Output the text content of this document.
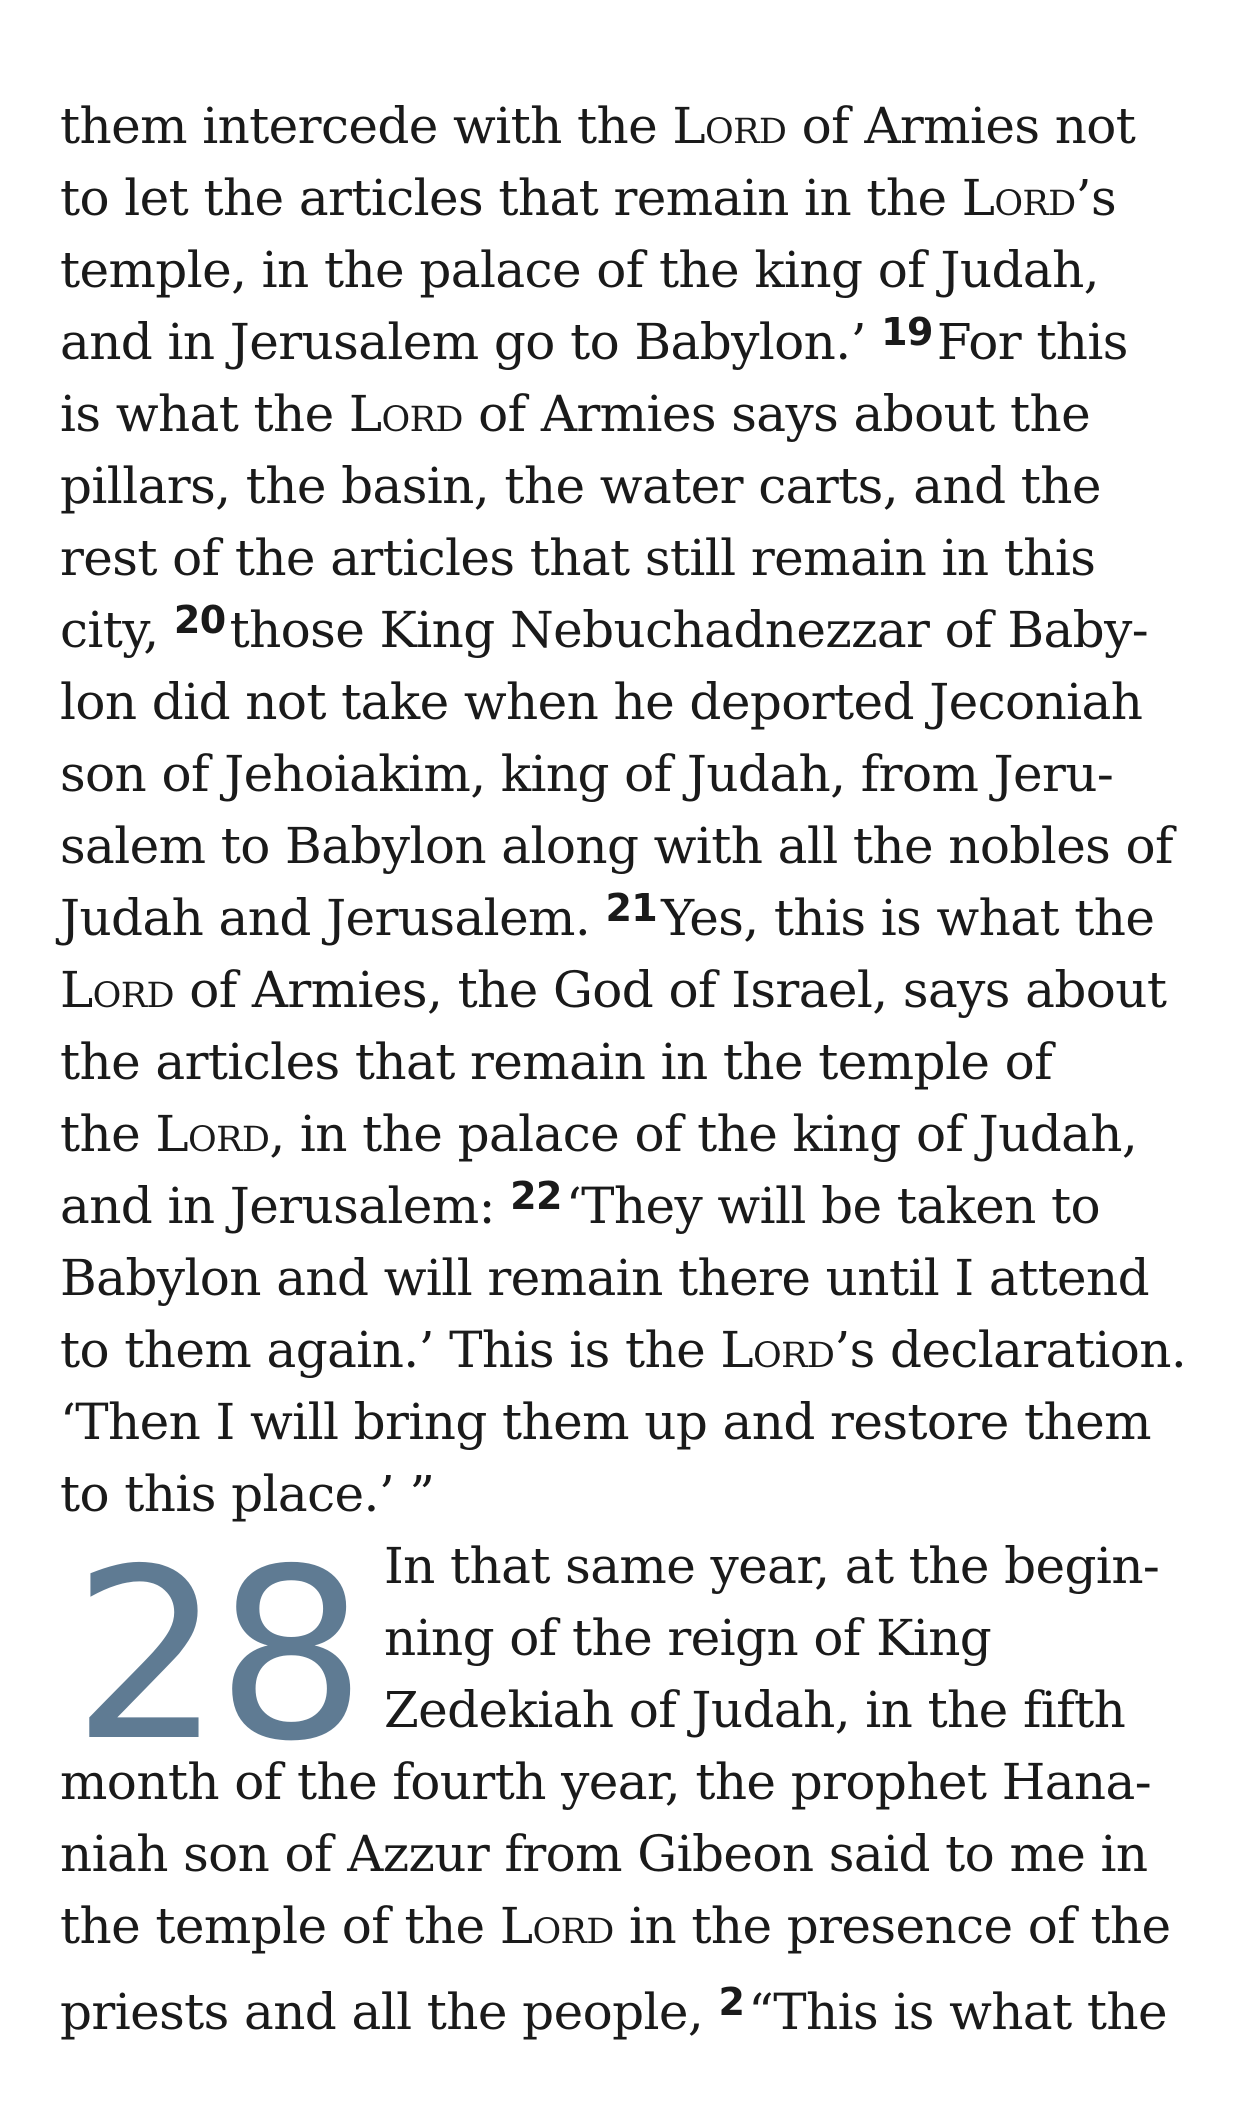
them intercede with the Lord of Armies not
to let the articles that remain in the Lord’s
temple, in the palace of the king of Judah,
and in Jerusalem go to Babylon.’ $^{19}$For this
is what the Lord of Armies says about the
pillars, the basin, the water carts, and the
rest of the articles that still remain in this
city, $^{20}$those King Nebuchadnezzar of Baby-
lon did not take when he deported Jeconiah
son of Jehoiakim, king of Judah, from Jeru-
salem to Babylon along with all the nobles of
Judah and Jerusalem. $^{21}$Yes, this is what the
Lord of Armies, the God of Israel, says about
the articles that remain in the temple of
the Lord, in the palace of the king of Judah,
and in Jerusalem: $^{22}$‘They will be taken to
Babylon and will remain there until I attend
to them again.’ This is the Lord’s declaration.
‘Then I will bring them up and restore them
to this place.’ ”
28 In that same year, at the begin-
ning of the reign of King
Zedekiah of Judah, in the fifth
month of the fourth year, the prophet Hana-
niah son of Azzur from Gibeon said to me in
the temple of the Lord in the presence of the
priests and all the people, $^2$“This is what the
